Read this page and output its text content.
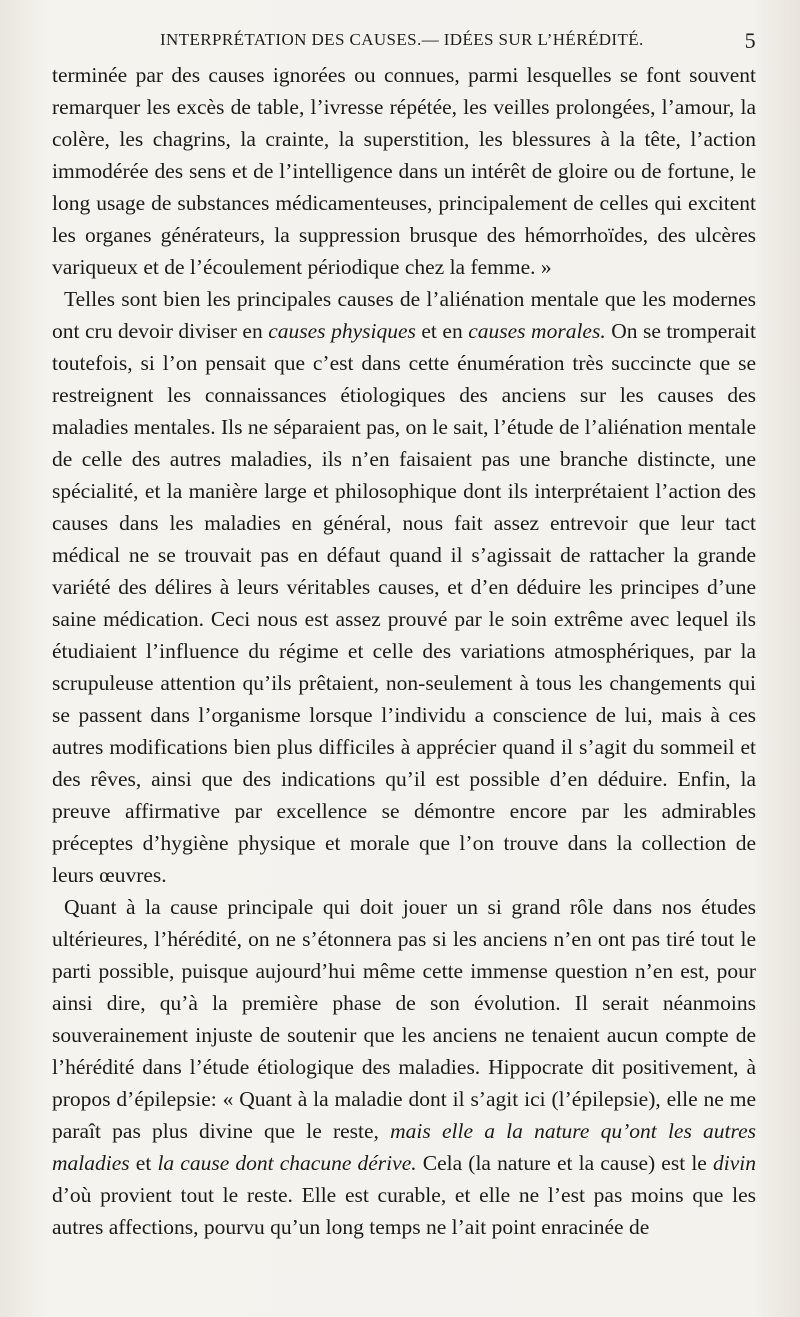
INTERPRÉTATION DES CAUSES.— IDÉES SUR L’HÉRÉDITÉ.	5

terminée par des causes ignorées ou connues, parmi lesquelles se font souvent remarquer les excès de table, l’ivresse répétée, les veilles prolongées, l’amour, la colère, les chagrins, la crainte, la superstition, les blessures à la tête, l’action immodérée des sens et de l’intelligence dans un intérêt de gloire ou de fortune, le long usage de substances médicamenteuses, principalement de celles qui excitent les organes générateurs, la suppression brusque des hémorrhoïdes, des ulcères variqueux et de l’écoulement périodique chez la femme. »

Telles sont bien les principales causes de l’aliénation mentale que les modernes ont cru devoir diviser en causes physiques et en causes morales. On se tromperait toutefois, si l’on pensait que c’est dans cette énumération très succincte que se restreignent les connaissances étiologiques des anciens sur les causes des maladies mentales. Ils ne séparaient pas, on le sait, l’étude de l’aliénation mentale de celle des autres maladies, ils n’en faisaient pas une branche distincte, une spécialité, et la manière large et philosophique dont ils interprétaient l’action des causes dans les maladies en général, nous fait assez entrevoir que leur tact médical ne se trouvait pas en défaut quand il s’agissait de rattacher la grande variété des délires à leurs véritables causes, et d’en déduire les principes d’une saine médication. Ceci nous est assez prouvé par le soin extrême avec lequel ils étudiaient l’influence du régime et celle des variations atmosphériques, par la scrupuleuse attention qu’ils prêtaient, non-seulement à tous les changements qui se passent dans l’organisme lorsque l’individu a conscience de lui, mais à ces autres modifications bien plus difficiles à apprécier quand il s’agit du sommeil et des rêves, ainsi que des indications qu’il est possible d’en déduire. Enfin, la preuve affirmative par excellence se démontre encore par les admirables préceptes d’hygiène physique et morale que l’on trouve dans la collection de leurs œuvres.

Quant à la cause principale qui doit jouer un si grand rôle dans nos études ultérieures, l’hérédité, on ne s’étonnera pas si les anciens n’en ont pas tiré tout le parti possible, puisque aujourd’hui même cette immense question n’en est, pour ainsi dire, qu’à la première phase de son évolution. Il serait néanmoins souverainement injuste de soutenir que les anciens ne tenaient aucun compte de l’hérédité dans l’étude étiologique des maladies. Hippocrate dit positivement, à propos d’épilepsie: « Quant à la maladie dont il s’agit ici (l’épilepsie), elle ne me paraît pas plus divine que le reste, mais elle a la nature qu’ont les autres maladies et la cause dont chacune dérive. Cela (la nature et la cause) est le divin d’où provient tout le reste. Elle est curable, et elle ne l’est pas moins que les autres affections, pourvu qu’un long temps ne l’ait point enracinée de
